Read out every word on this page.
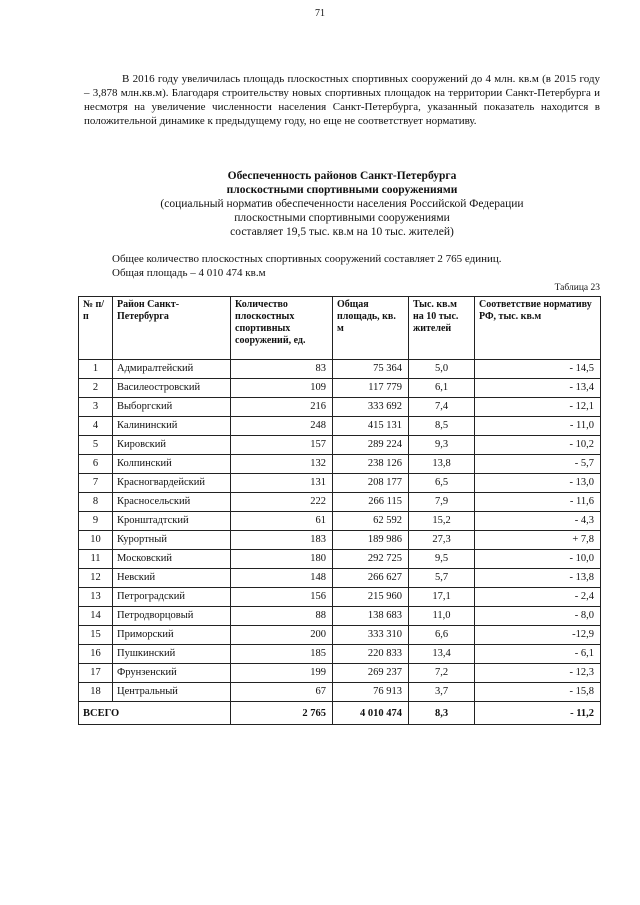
71

В 2016 году увеличилась площадь плоскостных спортивных сооружений до 4 млн. кв.м (в 2015 году – 3,878 млн.кв.м). Благодаря строительству новых спортивных площадок на территории Санкт-Петербурга и несмотря на увеличение численности населения Санкт-Петербурга, указанный показатель находится в положительной динамике к предыдущему году, но еще не соответствует нормативу.

Обеспеченность районов Санкт-Петербурга
плоскостными спортивными сооружениями
(социальный норматив обеспеченности населения Российской Федерации
плоскостными спортивными сооружениями
составляет 19,5 тыс. кв.м на 10 тыс. жителей)
Общее количество плоскостных спортивных сооружений составляет 2 765 единиц.
Общая площадь – 4 010 474 кв.м
Таблица 23
№ п/п	Район Санкт-Петербурга	Количество плоскостных спортивных сооружений, ед.	Общая площадь, кв. м	Тыс. кв.м на 10 тыс. жителей	Соответствие нормативу РФ, тыс. кв.м
1	Адмиралтейский	83	75 364	5,0	- 14,5
2	Василеостровский	109	117 779	6,1	- 13,4
3	Выборгский	216	333 692	7,4	- 12,1
4	Калининский	248	415 131	8,5	- 11,0
5	Кировский	157	289 224	9,3	- 10,2
6	Колпинский	132	238 126	13,8	- 5,7
7	Красногвардейский	131	208 177	6,5	- 13,0
8	Красносельский	222	266 115	7,9	- 11,6
9	Кронштадтский	61	62 592	15,2	- 4,3
10	Курортный	183	189 986	27,3	+ 7,8
11	Московский	180	292 725	9,5	- 10,0
12	Невский	148	266 627	5,7	- 13,8
13	Петроградский	156	215 960	17,1	- 2,4
14	Петродворцовый	88	138 683	11,0	- 8,0
15	Приморский	200	333 310	6,6	-12,9
16	Пушкинский	185	220 833	13,4	- 6,1
17	Фрунзенский	199	269 237	7,2	- 12,3
18	Центральный	67	76 913	3,7	- 15,8
ВСЕГО		2 765	4 010 474	8,3	- 11,2
